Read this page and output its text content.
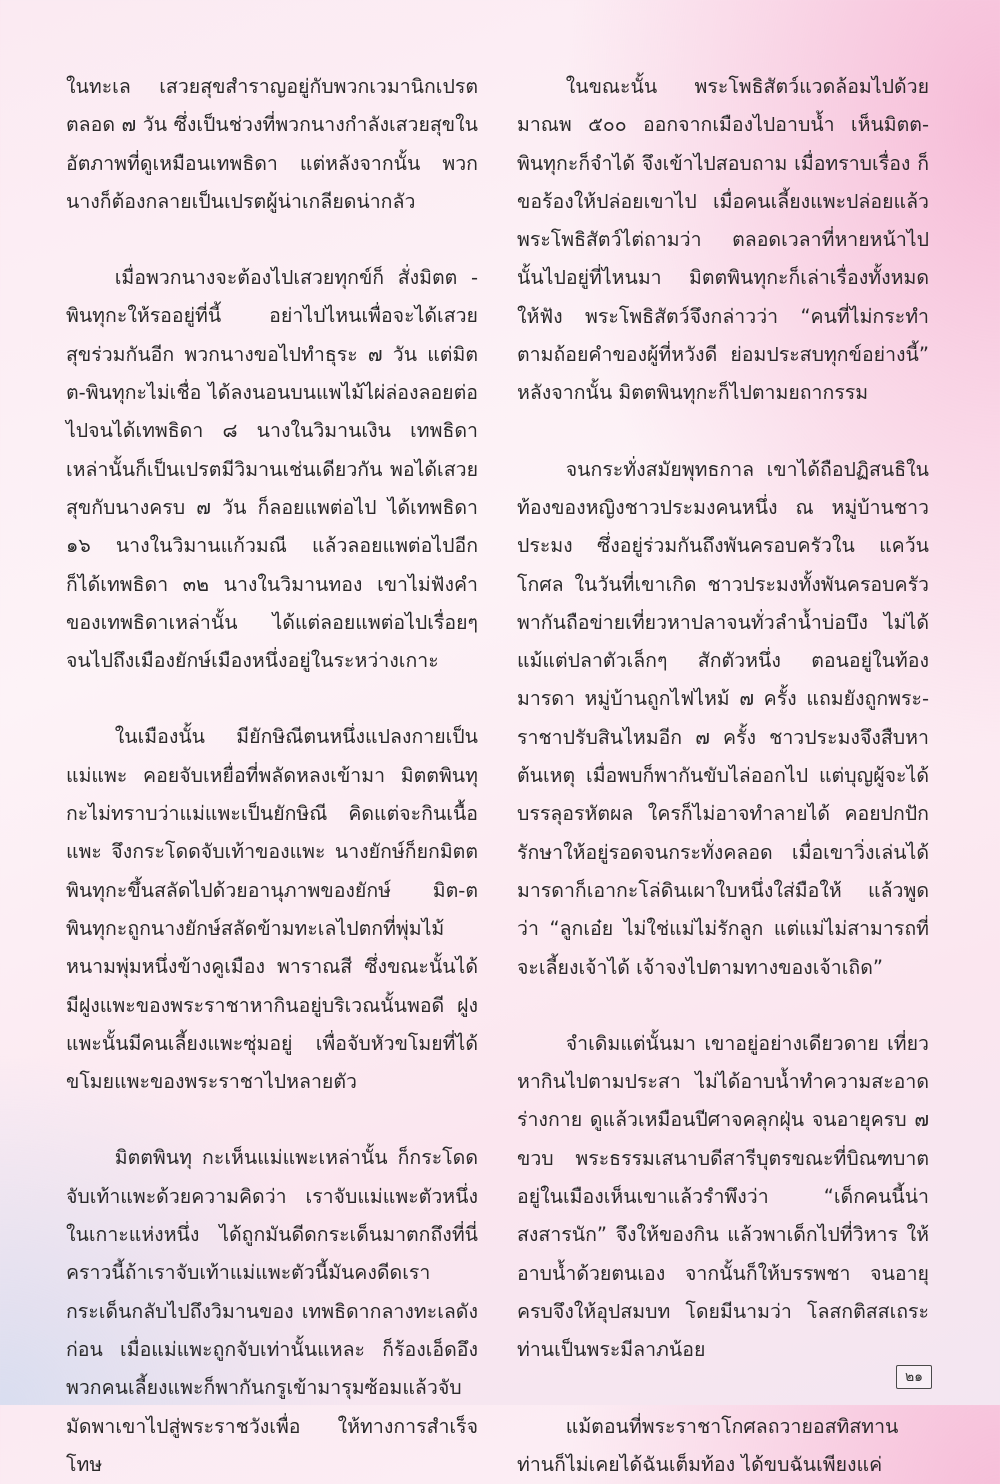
ในทะเล เสวยสุขสำราญอยู่กับพวกเวมานิกเปรต ตลอด ๗ วัน ซึ่งเป็นช่วงที่พวกนางกำลังเสวยสุขในอัตภาพที่ดูเหมือนเทพธิดา แต่หลังจากนั้น พวกนางก็ต้องกลายเป็นเปรตผู้น่าเกลียดน่ากลัว

เมื่อพวกนางจะต้องไปเสวยทุกข์ก็ สั่งมิตต - พินทุกะให้รออยู่ที่นี้ อย่าไปไหนเพื่อจะได้เสวยสุขร่วมกันอีก พวกนางขอไปทำธุระ ๗ วัน แต่มิตต-พินทุกะไม่เชื่อ ได้ลงนอนบนแพไม้ไผ่ล่องลอยต่อไปจนได้เทพธิดา ๘ นางในวิมานเงิน เทพธิดาเหล่านั้นก็เป็นเปรตมีวิมานเช่นเดียวกัน พอได้เสวยสุขกับนางครบ ๗ วัน ก็ลอยแพต่อไป ได้เทพธิดา ๑๖ นางในวิมานแก้วมณี แล้วลอยแพต่อไปอีก ก็ได้เทพธิดา ๓๒ นางในวิมานทอง เขาไม่ฟังคำของเทพธิดาเหล่านั้น ได้แต่ลอยแพต่อไปเรื่อยๆ จนไปถึงเมืองยักษ์เมืองหนึ่งอยู่ในระหว่างเกาะ

ในเมืองนั้น มียักษิณีตนหนึ่งแปลงกายเป็นแม่แพะ คอยจับเหยื่อที่พลัดหลงเข้ามา มิตตพินทุกะไม่ทราบว่าแม่แพะเป็นยักษิณี คิดแต่จะกินเนื้อแพะ จึงกระโดดจับเท้าของแพะ นางยักษ์ก็ยกมิตตพินทุกะขึ้นสลัดไปด้วยอานุภาพของยักษ์ มิต-ตพินทุกะถูกนางยักษ์สลัดข้ามทะเลไปตกที่พุ่มไม้หนามพุ่มหนึ่งข้างคูเมือง พาราณสี ซึ่งขณะนั้นได้มีฝูงแพะของพระราชาหากินอยู่บริเวณนั้นพอดี ฝูงแพะนั้นมีคนเลี้ยงแพะซุ่มอยู่ เพื่อจับหัวขโมยที่ได้ขโมยแพะของพระราชาไปหลายตัว

มิตตพินทุ กะเห็นแม่แพะเหล่านั้น ก็กระโดดจับเท้าแพะด้วยความคิดว่า เราจับแม่แพะตัวหนึ่งในเกาะแห่งหนึ่ง ได้ถูกมันดีดกระเด็นมาตกถึงที่นี่ คราวนี้ถ้าเราจับเท้าแม่แพะตัวนี้มันคงดีดเรากระเด็นกลับไปถึงวิมานของ เทพธิดากลางทะเลดังก่อน เมื่อแม่แพะถูกจับเท่านั้นแหละ ก็ร้องเอ็ดอึงพวกคนเลี้ยงแพะก็พากันกรูเข้ามารุมซ้อมแล้วจับมัดพาเขาไปสู่พระราชวังเพื่อ ให้ทางการสำเร็จโทษ

ในขณะนั้น พระโพธิสัตว์แวดล้อมไปด้วยมาณพ ๕๐๐ ออกจากเมืองไปอาบน้ำ เห็นมิตต-พินทุกะก็จำได้ จึงเข้าไปสอบถาม เมื่อทราบเรื่อง ก็ขอร้องให้ปล่อยเขาไป เมื่อคนเลี้ยงแพะปล่อยแล้ว พระโพธิสัตว์ไต่ถามว่า ตลอดเวลาที่หายหน้าไปนั้นไปอยู่ที่ไหนมา มิตตพินทุกะก็เล่าเรื่องทั้งหมดให้ฟัง พระโพธิสัตว์จึงกล่าวว่า “คนที่ไม่กระทำตามถ้อยคำของผู้ที่หวังดี ย่อมประสบทุกข์อย่างนี้” หลังจากนั้น มิตตพินทุกะก็ไปตามยถากรรม

จนกระทั่งสมัยพุทธกาล เขาได้ถือปฏิสนธิในท้องของหญิงชาวประมงคนหนึ่ง ณ หมู่บ้านชาวประมง ซึ่งอยู่ร่วมกันถึงพันครอบครัวใน แคว้นโกศล ในวันที่เขาเกิด ชาวประมงทั้งพันครอบครัวพากันถือข่ายเที่ยวหาปลาจนทั่วลำน้ำบ่อบึง ไม่ได้แม้แต่ปลาตัวเล็กๆ สักตัวหนึ่ง ตอนอยู่ในท้องมารดา หมู่บ้านถูกไฟไหม้ ๗ ครั้ง แถมยังถูกพระ-ราชาปรับสินไหมอีก ๗ ครั้ง ชาวประมงจึงสืบหาต้นเหตุ เมื่อพบก็พากันขับไล่ออกไป แต่บุญผู้จะได้บรรลุอรหัตผล ใครก็ไม่อาจทำลายได้ คอยปกปักรักษาให้อยู่รอดจนกระทั่งคลอด เมื่อเขาวิ่งเล่นได้มารดาก็เอากะโล่ดินเผาใบหนึ่งใส่มือให้ แล้วพูดว่า “ลูกเอ๋ย ไม่ใช่แม่ไม่รักลูก แต่แม่ไม่สามารถที่จะเลี้ยงเจ้าได้ เจ้าจงไปตามทางของเจ้าเถิด”

จำเดิมแต่นั้นมา เขาอยู่อย่างเดียวดาย เที่ยวหากินไปตามประสา ไม่ได้อาบน้ำทำความสะอาดร่างกาย ดูแล้วเหมือนปีศาจคลุกฝุ่น จนอายุครบ ๗ ขวบ พระธรรมเสนาบดีสารีบุตรขณะที่บิณฑบาตอยู่ในเมืองเห็นเขาแล้วรำพึงว่า “เด็กคนนี้น่าสงสารนัก” จึงให้ของกิน แล้วพาเด็กไปที่วิหาร ให้อาบน้ำด้วยตนเอง จากนั้นก็ให้บรรพชา จนอายุครบจึงให้อุปสมบท โดยมีนามว่า โลสกติสสเถระ ท่านเป็นพระมีลาภน้อย

แม้ตอนที่พระราชาโกศลถวายอสทิสทาน ท่านก็ไม่เคยได้ฉันเต็มท้อง ได้ขบฉันเพียงแค่

๒๑
